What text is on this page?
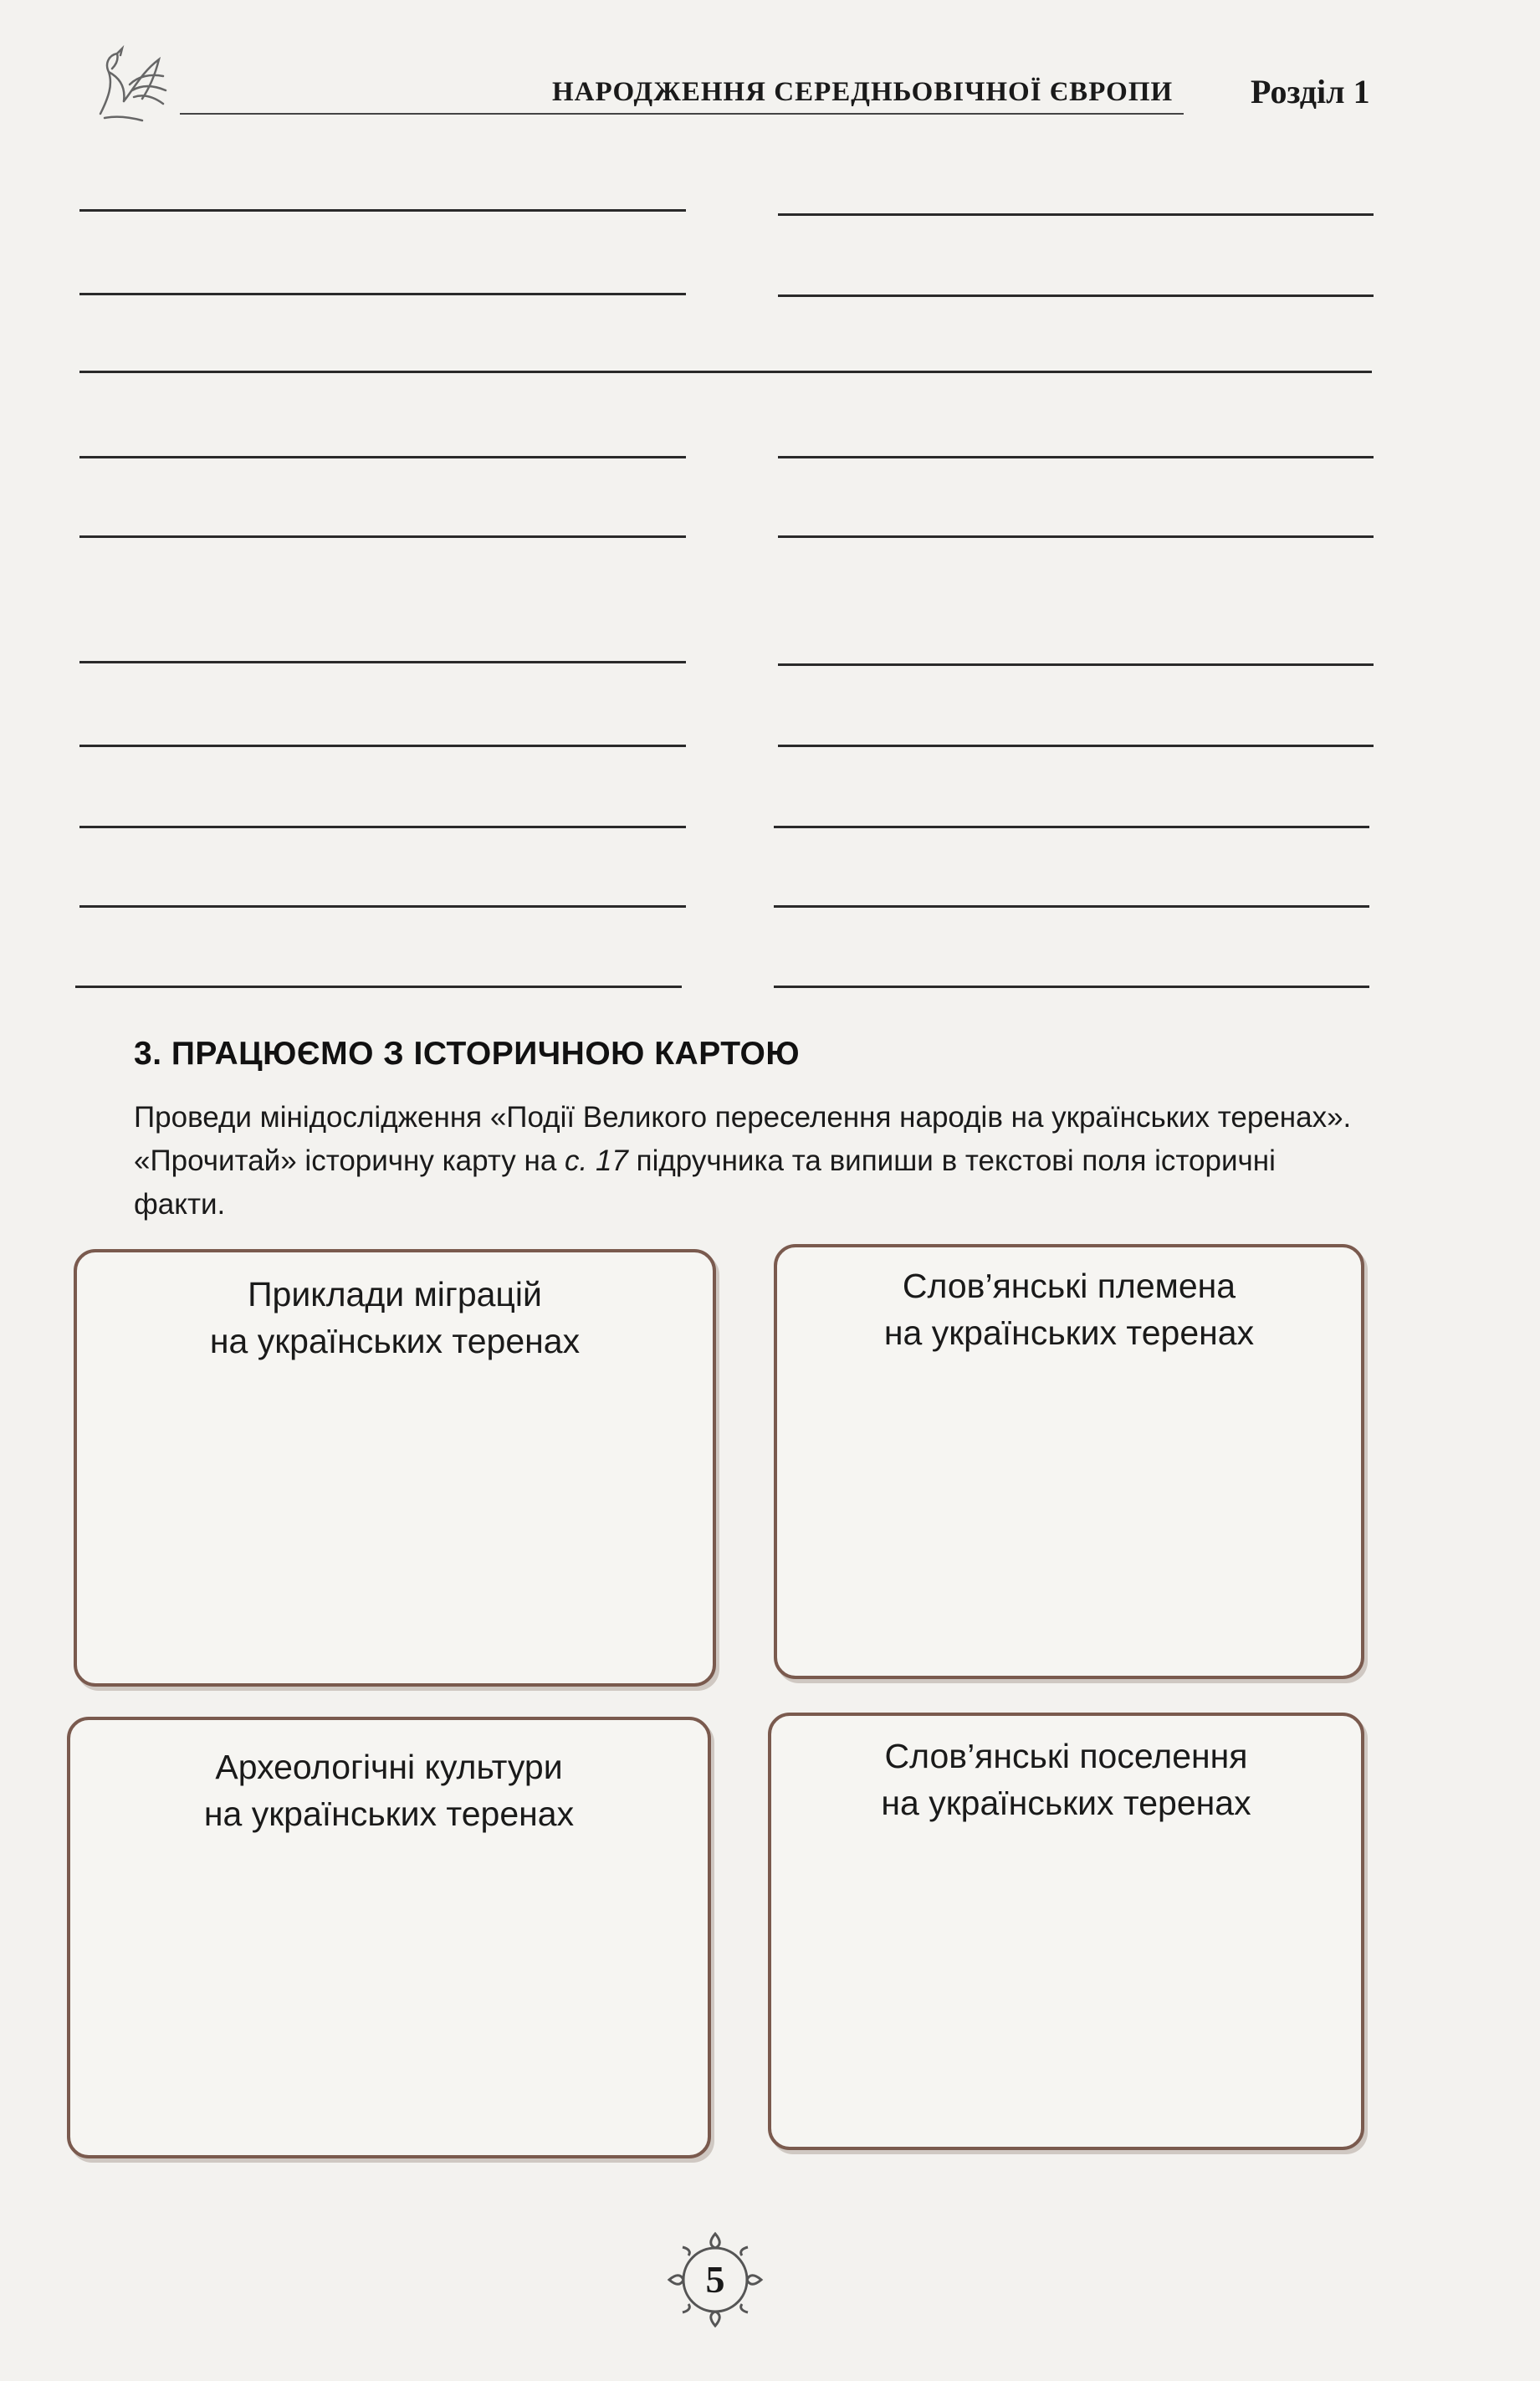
НАРОДЖЕННЯ СЕРЕДНЬОВІЧНОЇ ЄВРОПИ	Розділ 1
3. ПРАЦЮЄМО З ІСТОРИЧНОЮ КАРТОЮ
Проведи мінідослідження «Події Великого переселення народів на українських теренах». «Прочитай» історичну карту на с. 17 підручника та випиши в текстові поля історичні факти.
Приклади міграцій
на українських теренах
Слов’янські племена
на українських теренах
Археологічні культури
на українських теренах
Слов’янські поселення
на українських теренах
5
